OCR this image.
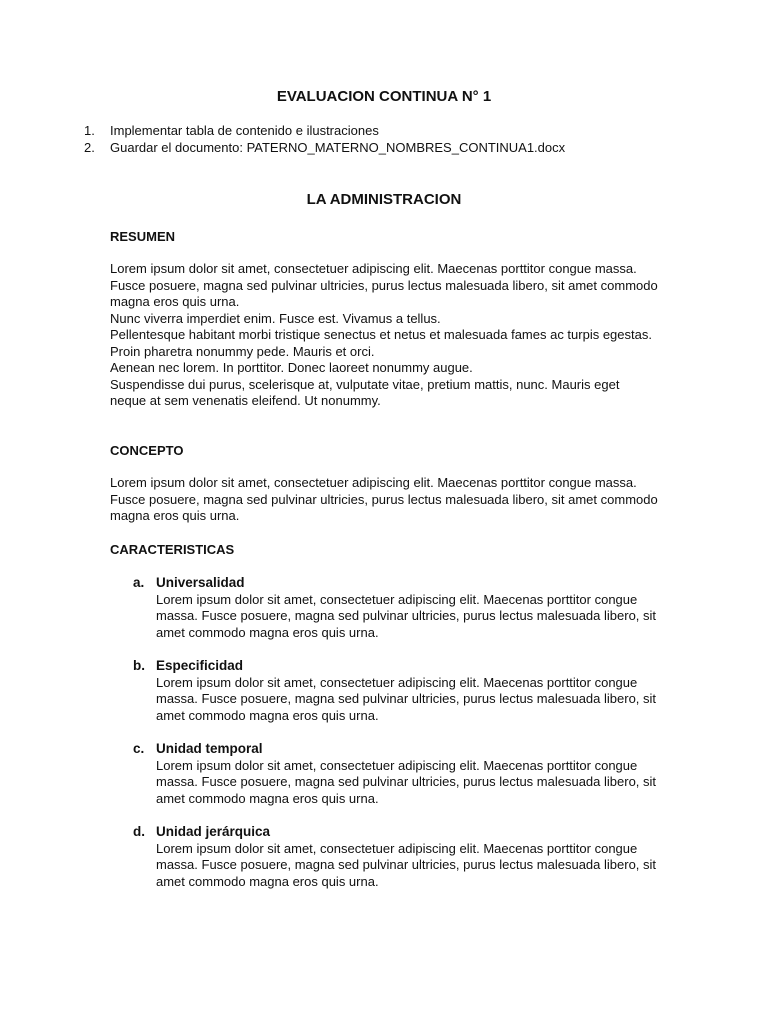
EVALUACION CONTINUA N° 1
1.	Implementar tabla de contenido e ilustraciones
2.	Guardar el documento: PATERNO_MATERNO_NOMBRES_CONTINUA1.docx
LA ADMINISTRACION
RESUMEN
Lorem ipsum dolor sit amet, consectetuer adipiscing elit. Maecenas porttitor congue massa.
Fusce posuere, magna sed pulvinar ultricies, purus lectus malesuada libero, sit amet commodo
magna eros quis urna.
Nunc viverra imperdiet enim. Fusce est. Vivamus a tellus.
Pellentesque habitant morbi tristique senectus et netus et malesuada fames ac turpis egestas.
Proin pharetra nonummy pede. Mauris et orci.
Aenean nec lorem. In porttitor. Donec laoreet nonummy augue.
Suspendisse dui purus, scelerisque at, vulputate vitae, pretium mattis, nunc. Mauris eget
neque at sem venenatis eleifend. Ut nonummy.
CONCEPTO
Lorem ipsum dolor sit amet, consectetuer adipiscing elit. Maecenas porttitor congue massa.
Fusce posuere, magna sed pulvinar ultricies, purus lectus malesuada libero, sit amet commodo
magna eros quis urna.
CARACTERISTICAS
a. Universalidad
Lorem ipsum dolor sit amet, consectetuer adipiscing elit. Maecenas porttitor congue
massa. Fusce posuere, magna sed pulvinar ultricies, purus lectus malesuada libero, sit
amet commodo magna eros quis urna.
b. Especificidad
Lorem ipsum dolor sit amet, consectetuer adipiscing elit. Maecenas porttitor congue
massa. Fusce posuere, magna sed pulvinar ultricies, purus lectus malesuada libero, sit
amet commodo magna eros quis urna.
c. Unidad temporal
Lorem ipsum dolor sit amet, consectetuer adipiscing elit. Maecenas porttitor congue
massa. Fusce posuere, magna sed pulvinar ultricies, purus lectus malesuada libero, sit
amet commodo magna eros quis urna.
d. Unidad jerárquica
Lorem ipsum dolor sit amet, consectetuer adipiscing elit. Maecenas porttitor congue
massa. Fusce posuere, magna sed pulvinar ultricies, purus lectus malesuada libero, sit
amet commodo magna eros quis urna.
